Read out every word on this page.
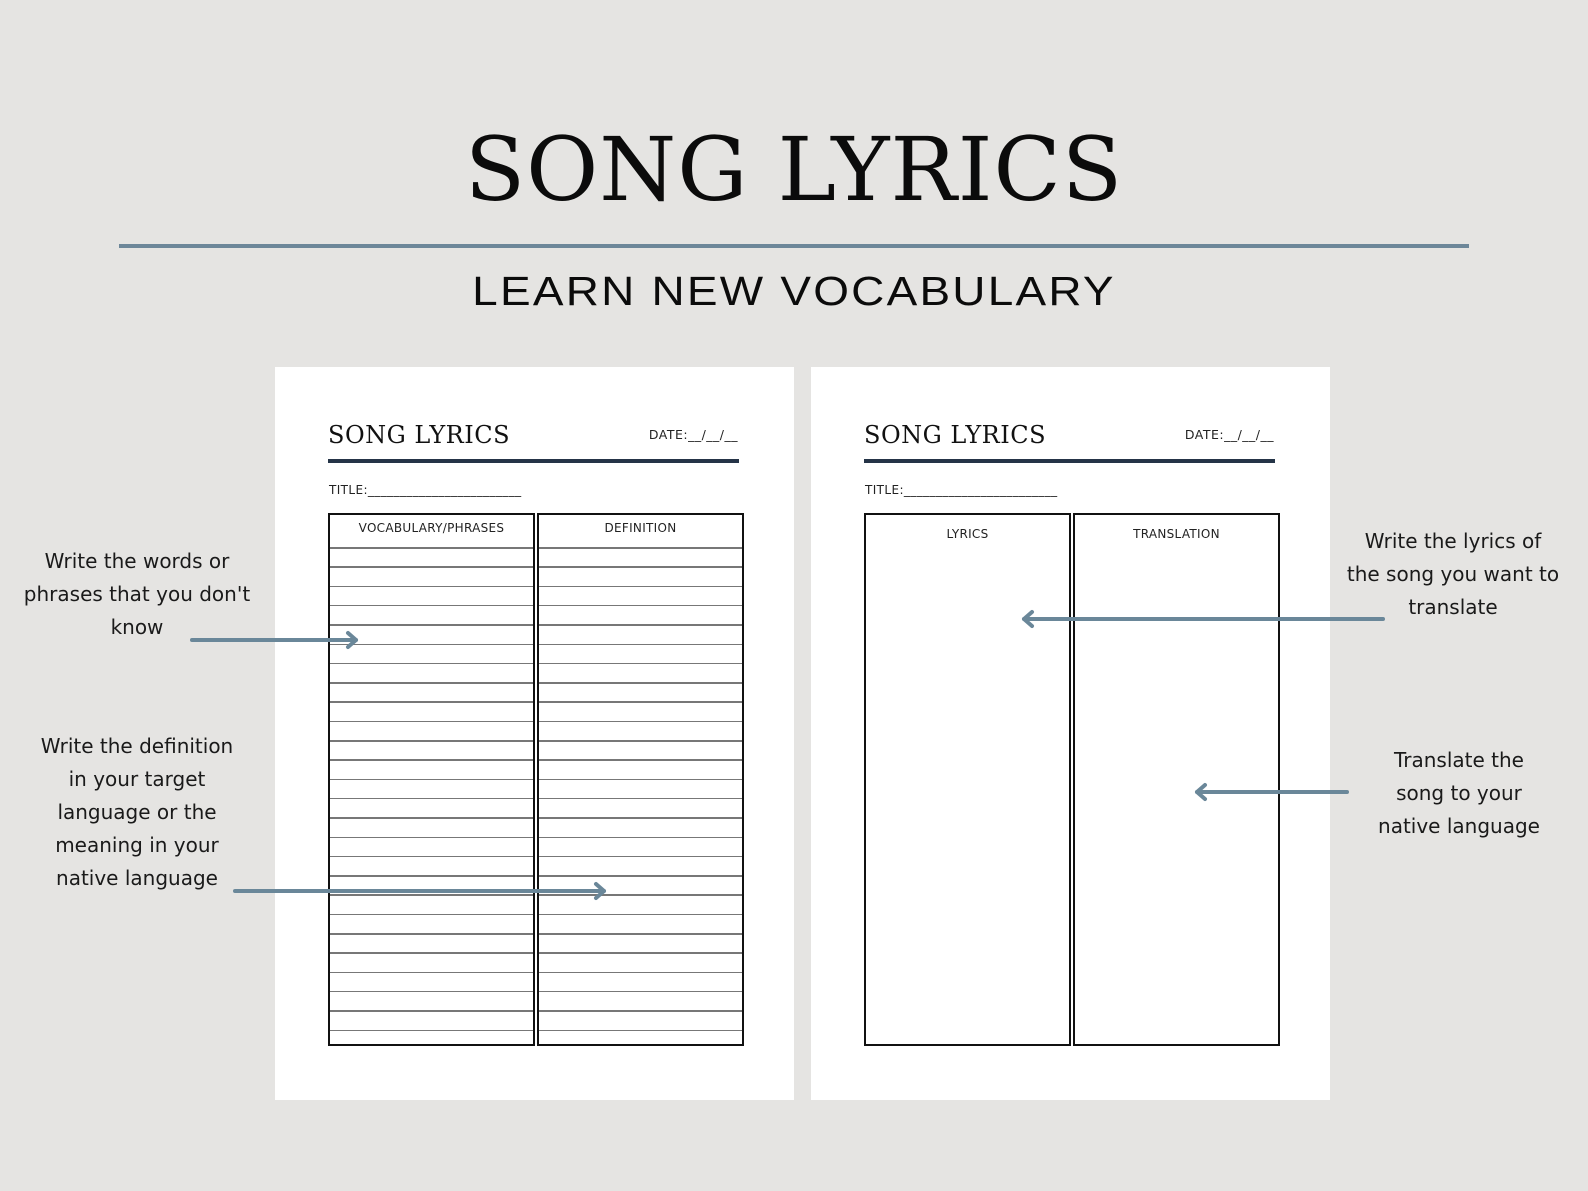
SONG LYRICS
LEARN NEW VOCABULARY
SONG LYRICS	DATE:__/__/__
TITLE:________________________
VOCABULARY/PHRASES	DEFINITION
SONG LYRICS	DATE:__/__/__
TITLE:________________________
LYRICS	TRANSLATION
Write the words or
phrases that you don't
know
Write the definition
in your target
language or the
meaning in your
native language
Write the lyrics of
the song you want to
translate
Translate the
song to your
native language
